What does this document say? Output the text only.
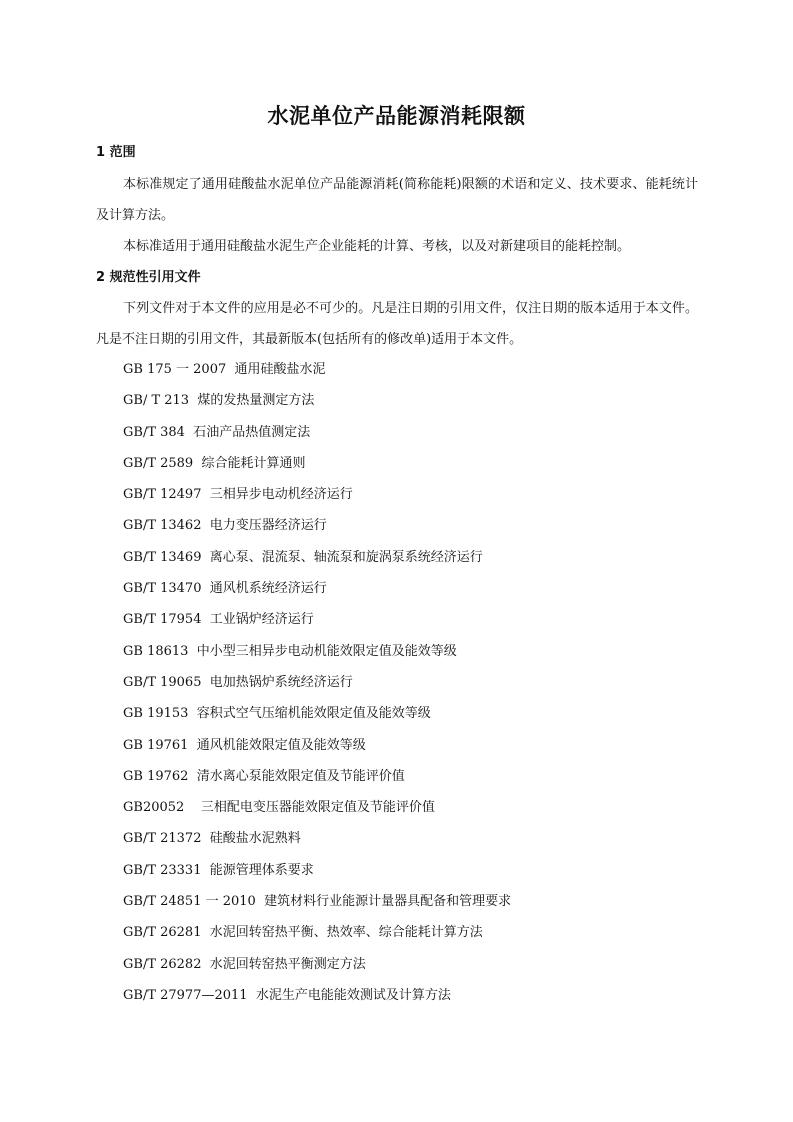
水泥单位产品能源消耗限额
1 范围

本标准规定了通用硅酸盐水泥单位产品能源消耗(简称能耗)限额的术语和定义、技术要求、能耗统计及计算方法。

本标准适用于通用硅酸盐水泥生产企业能耗的计算、考核，以及对新建项目的能耗控制。

2 规范性引用文件

下列文件对于本文件的应用是必不可少的。凡是注日期的引用文件，仅注日期的版本适用于本文件。凡是不注日期的引用文件，其最新版本(包括所有的修改单)适用于本文件。

GB 175 一 2007  通用硅酸盐水泥
GB/ T 213  煤的发热量测定方法
GB/T 384  石油产品热值测定法
GB/T 2589  综合能耗计算通则
GB/T 12497  三相异步电动机经济运行
GB/T 13462  电力变压器经济运行
GB/T 13469  离心泵、混流泵、轴流泵和旋涡泵系统经济运行
GB/T 13470  通风机系统经济运行
GB/T 17954  工业锅炉经济运行
GB 18613  中小型三相异步电动机能效限定值及能效等级
GB/T 19065  电加热锅炉系统经济运行
GB 19153  容积式空气压缩机能效限定值及能效等级
GB 19761  通风机能效限定值及能效等级
GB 19762  清水离心泵能效限定值及节能评价值
GB20052    三相配电变压器能效限定值及节能评价值
GB/T 21372  硅酸盐水泥熟料
GB/T 23331  能源管理体系要求
GB/T 24851 一 2010  建筑材料行业能源计量器具配备和管理要求
GB/T 26281  水泥回转窑热平衡、热效率、综合能耗计算方法
GB/T 26282  水泥回转窑热平衡测定方法
GB/T 27977—2011  水泥生产电能能效测试及计算方法
